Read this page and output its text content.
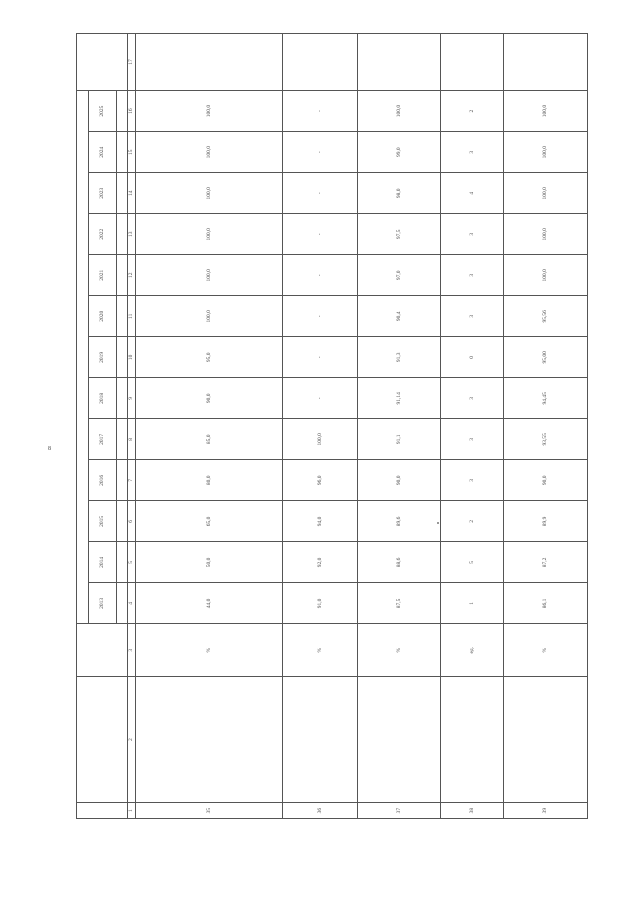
8

			2013	2014	2015	2016	2017	2018	2019	2020	2021	2022	2023	2024	2025	

1	2	3	4	5	6	7	8	9	10	11	12	13	14	15	16	17
35		%	44,0	50,0	65,0	80,0	85,0	90,0	95,0	100,0	100,0	100,0	100,0	100,0	100,0	
36		%	91,0	92,0	94,0	96,0	100,0	-	-	-	-	-	-	-	-	
37		%	87,5	88,6	89,6	90,0	91,1	91,14	91,3	90,4	97,0	97,5	98,0	99,0	100,0	
38		ед.	1	5	2	3	3	3	0	3	3	3	4	3	2	
39		%	86,1	87,2	89,9	90,0	93,55	94,45	95,00	95,56	100,0	100,0	100,0	100,0	100,0	
